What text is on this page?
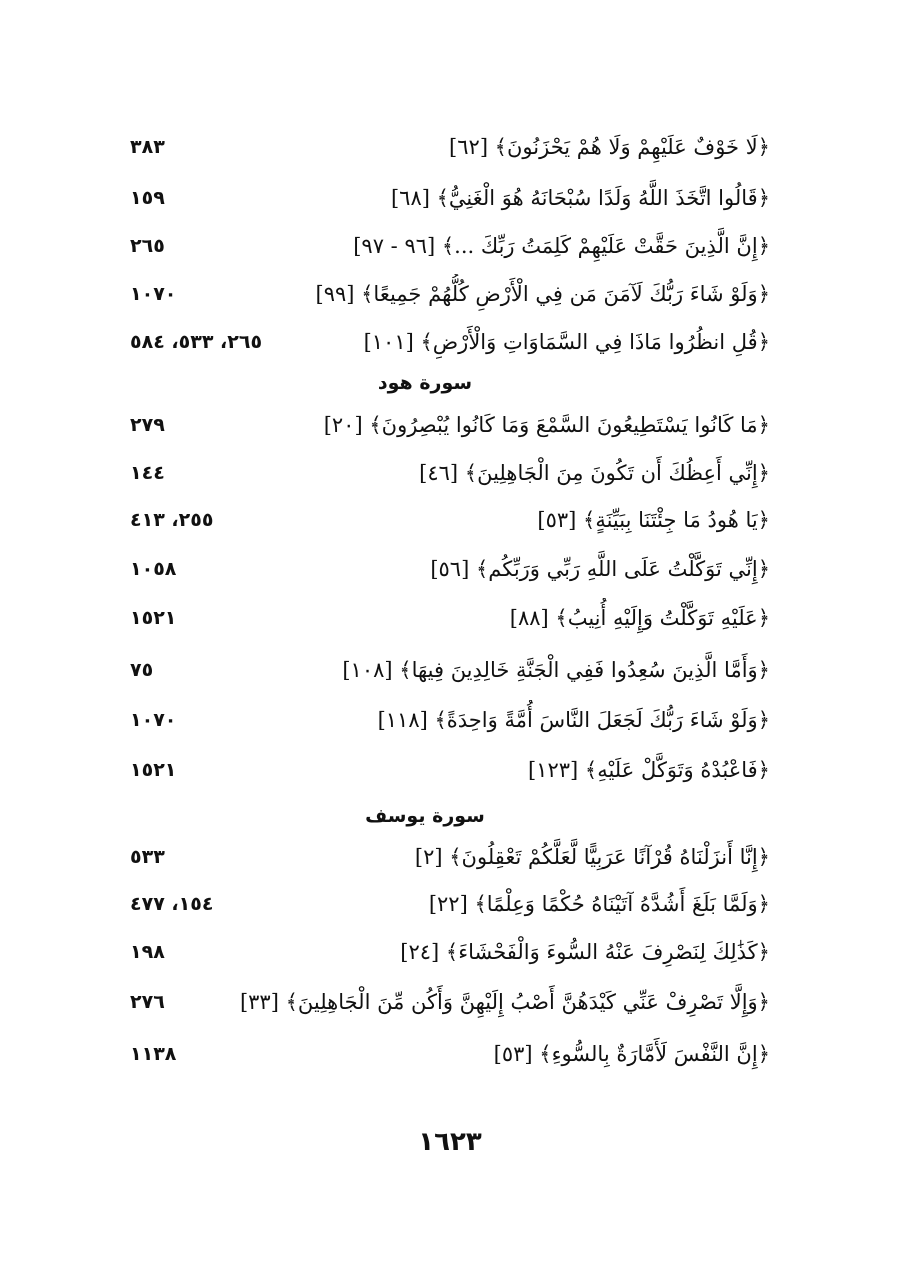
﴿لَا خَوْفٌ عَلَيْهِمْ وَلَا هُمْ يَحْزَنُونَ﴾ [٦٢]
٣٨٣
﴿قَالُوا اتَّخَذَ اللَّهُ وَلَدًا سُبْحَانَهُ هُوَ الْغَنِيُّ﴾ [٦٨]
١٥٩
﴿إِنَّ الَّذِينَ حَقَّتْ عَلَيْهِمْ كَلِمَتُ رَبِّكَ ...﴾ [٩٦ - ٩٧]
٢٦٥
﴿وَلَوْ شَاءَ رَبُّكَ لَآمَنَ مَن فِي الْأَرْضِ كُلُّهُمْ جَمِيعًا﴾ [٩٩]
١٠٧٠
﴿قُلِ انظُرُوا مَاذَا فِي السَّمَاوَاتِ وَالْأَرْضِ﴾ [١٠١]
٢٦٥، ٥٣٣، ٥٨٤
سورة هود
﴿مَا كَانُوا يَسْتَطِيعُونَ السَّمْعَ وَمَا كَانُوا يُبْصِرُونَ﴾ [٢٠]
٢٧٩
﴿إِنِّي أَعِظُكَ أَن تَكُونَ مِنَ الْجَاهِلِينَ﴾ [٤٦]
١٤٤
﴿يَا هُودُ مَا جِئْتَنَا بِبَيِّنَةٍ﴾ [٥٣]
٢٥٥، ٤١٣
﴿إِنِّي تَوَكَّلْتُ عَلَى اللَّهِ رَبِّي وَرَبِّكُم﴾ [٥٦]
١٠٥٨
﴿عَلَيْهِ تَوَكَّلْتُ وَإِلَيْهِ أُنِيبُ﴾ [٨٨]
١٥٢١
﴿وَأَمَّا الَّذِينَ سُعِدُوا فَفِي الْجَنَّةِ خَالِدِينَ فِيهَا﴾ [١٠٨]
٧٥
﴿وَلَوْ شَاءَ رَبُّكَ لَجَعَلَ النَّاسَ أُمَّةً وَاحِدَةً﴾ [١١٨]
١٠٧٠
﴿فَاعْبُدْهُ وَتَوَكَّلْ عَلَيْهِ﴾ [١٢٣]
١٥٢١
سورة يوسف
﴿إِنَّا أَنزَلْنَاهُ قُرْآنًا عَرَبِيًّا لَّعَلَّكُمْ تَعْقِلُونَ﴾ [٢]
٥٣٣
﴿وَلَمَّا بَلَغَ أَشُدَّهُ آتَيْنَاهُ حُكْمًا وَعِلْمًا﴾ [٢٢]
١٥٤، ٤٧٧
﴿كَذَٰلِكَ لِنَصْرِفَ عَنْهُ السُّوءَ وَالْفَحْشَاءَ﴾ [٢٤]
١٩٨
﴿وَإِلَّا تَصْرِفْ عَنِّي كَيْدَهُنَّ أَصْبُ إِلَيْهِنَّ وَأَكُن مِّنَ الْجَاهِلِينَ﴾ [٣٣]
٢٧٦
﴿إِنَّ النَّفْسَ لَأَمَّارَةٌ بِالسُّوءِ﴾ [٥٣]
١١٣٨
١٦٢٣
